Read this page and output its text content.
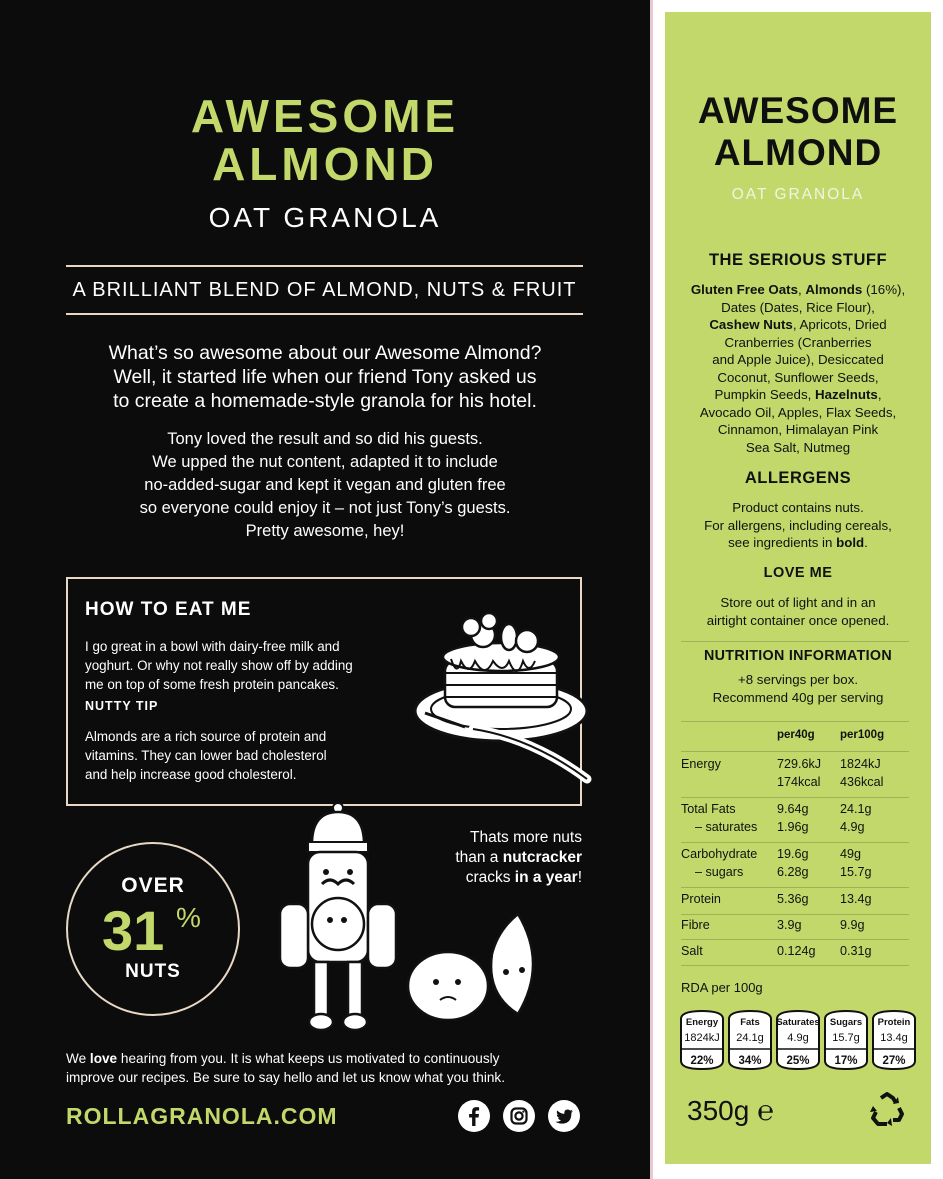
AWESOME
ALMOND
OAT GRANOLA
A BRILLIANT BLEND OF ALMOND, NUTS & FRUIT
What’s so awesome about our Awesome Almond?
Well, it started life when our friend Tony asked us
to create a homemade-style granola for his hotel.
Tony loved the result and so did his guests.
We upped the nut content, adapted it to include
no-added-sugar and kept it vegan and gluten free
so everyone could enjoy it – not just Tony’s guests.
Pretty awesome, hey!
HOW TO EAT ME
I go great in a bowl with dairy-free milk and
yoghurt. Or why not really show off by adding
me on top of some fresh protein pancakes.
NUTTY TIP
Almonds are a rich source of protein and
vitamins. They can lower bad cholesterol
and help increase good cholesterol.
OVER
31 %
NUTS
Thats more nuts
than a nutcracker
cracks in a year!
We love hearing from you. It is what keeps us motivated to continuously
improve our recipes. Be sure to say hello and let us know what you think.
ROLLAGRANOLA.COM
AWESOME
ALMOND
OAT GRANOLA
THE SERIOUS STUFF
Gluten Free Oats, Almonds (16%),
Dates (Dates, Rice Flour),
Cashew Nuts, Apricots, Dried
Cranberries (Cranberries
and Apple Juice), Desiccated
Coconut, Sunflower Seeds,
Pumpkin Seeds, Hazelnuts,
Avocado Oil, Apples, Flax Seeds,
Cinnamon, Himalayan Pink
Sea Salt, Nutmeg
ALLERGENS
Product contains nuts.
For allergens, including cereals,
see ingredients in bold.
LOVE ME
Store out of light and in an
airtight container once opened.
NUTRITION INFORMATION
+8 servings per box.
Recommend 40g per serving
per40g per100g
Energy	729.6kJ 1824kJ
174kcal 436kcal
Total Fats	9.64g 24.1g
– saturates 1.96g 4.9g
Carbohydrate 19.6g 49g
– sugars	6.28g 15.7g
Protein	5.36g 13.4g
Fibre	3.9g	9.9g
Salt	0.124g 0.31g
RDA per 100g
Energy
1824kJ
22%
Fats
24.1g
34%
Saturates
4.9g
25%
Sugars
15.7g
17%
Protein
13.4g
27%
350g ℮
